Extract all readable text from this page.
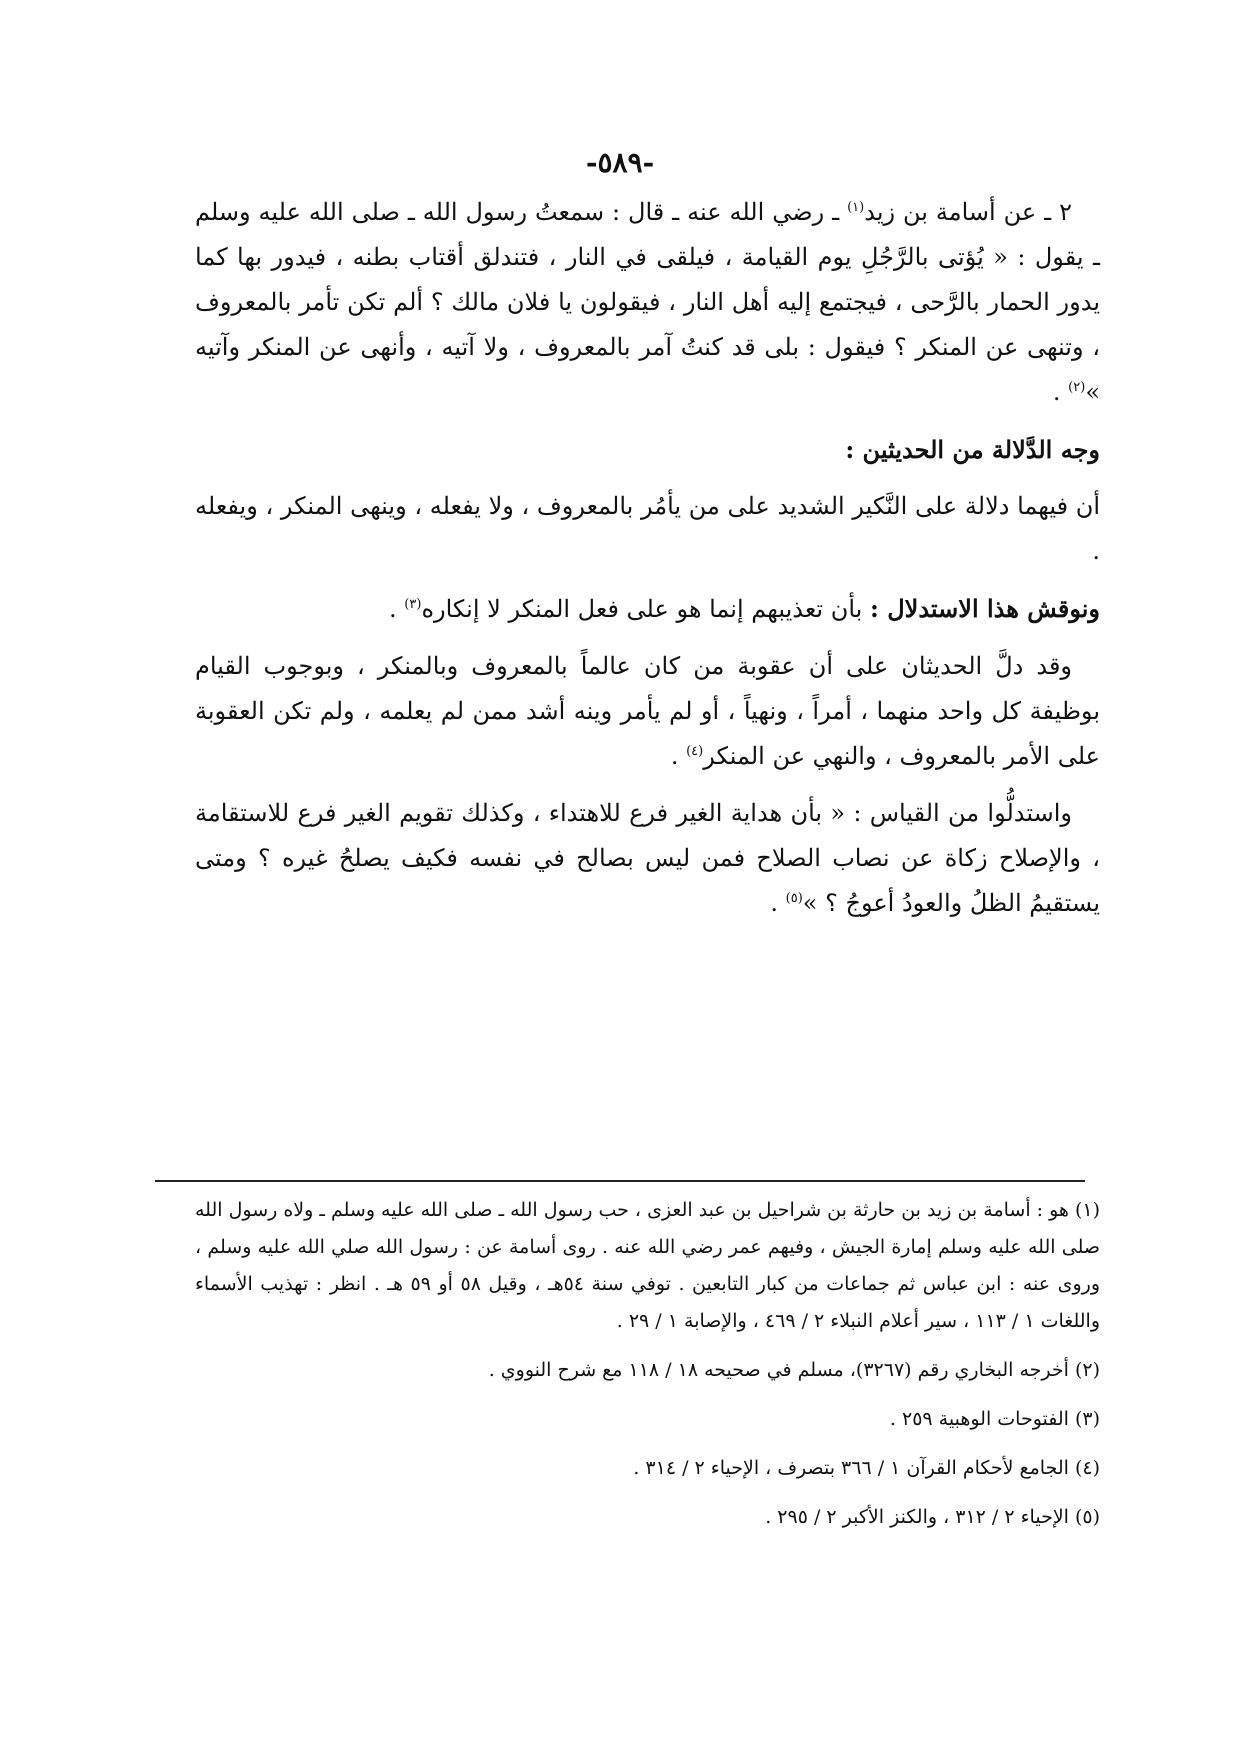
-٥٨٩-

٢ ـ عن أسامة بن زيد$^{(١)}$ ـ رضي الله عنه ـ قال : سمعتُ رسول الله ـ صلى الله عليه وسلم ـ يقول : « يُؤتى بالرَّجُلِ يوم القيامة ، فيلقى في النار ، فتندلق أقتاب بطنه ، فيدور بها كما يدور الحمار بالرَّحى ، فيجتمع إليه أهل النار ، فيقولون يا فلان مالك ؟ ألم تكن تأمر بالمعروف ، وتنهى عن المنكر ؟ فيقول : بلى قد كنتُ آمر بالمعروف ، ولا آتيه ، وأنهى عن المنكر وآتيه »$^{(٢)}$ .

وجه الدَّلالة من الحديثين :

أن فيهما دلالة على النَّكير الشديد على من يأمُر بالمعروف ، ولا يفعله ، وينهى المنكر ، ويفعله .

ونوقش هذا الاستدلال : بأن تعذيبهم إنما هو على فعل المنكر لا إنكاره$^{(٣)}$ .

وقد دلَّ الحديثان على أن عقوبة من كان عالماً بالمعروف وبالمنكر ، وبوجوب القيام بوظيفة كل واحد منهما ، أمراً ، ونهياً ، أو لم يأمر وينه أشد ممن لم يعلمه ، ولم تكن العقوبة على الأمر بالمعروف ، والنهي عن المنكر$^{(٤)}$ .

واستدلُّوا من القياس : « بأن هداية الغير فرع للاهتداء ، وكذلك تقويم الغير فرع للاستقامة ، والإصلاح زكاة عن نصاب الصلاح فمن ليس بصالح في نفسه فكيف يصلحُ غيره ؟ ومتى يستقيمُ الظلُ والعودُ أعوجُ ؟ »$^{(٥)}$ .

(١)هو : أسامة بن زيد بن حارثة بن شراحيل بن عبد العزى ، حب رسول الله ـ صلى الله عليه وسلم ـ ولاه رسول الله صلى الله عليه وسلم إمارة الجيش ، وفيهم عمر رضي الله عنه . روى أسامة عن : رسول الله صلي الله عليه وسلم ، وروى عنه : ابن عباس ثم جماعات من كبار التابعين . توفي سنة ٥٤هـ ، وقيل ٥٨ أو ٥٩ هـ . انظر : تهذيب الأسماء واللغات ١ / ١١٣ ، سير أعلام النبلاء ٢ / ٤٦٩ ، والإصابة ١ / ٢٩ .

(٢)أخرجه البخاري رقم (٣٢٦٧)، مسلم في صحيحه ١٨ / ١١٨ مع شرح النووي .

(٣)الفتوحات الوهبية ٢٥٩ .

(٤)الجامع لأحكام القرآن ١ / ٣٦٦ بتصرف ، الإحياء ٢ / ٣١٤ .

(٥)الإحياء ٢ / ٣١٢ ، والكنز الأكبر ٢ / ٢٩٥ .
